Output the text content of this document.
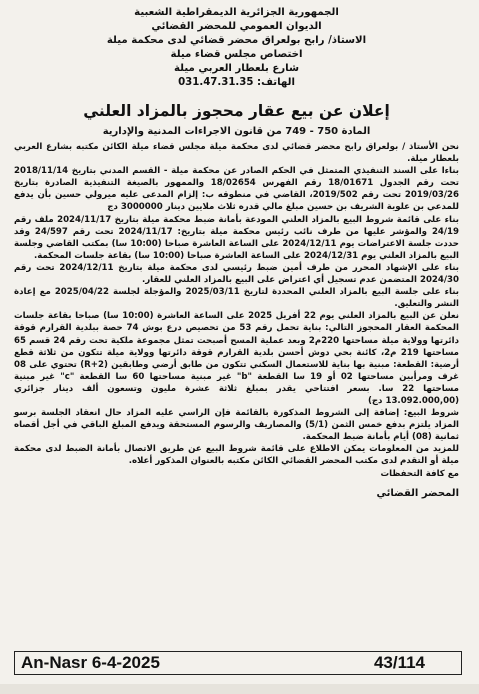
الجمهورية الجزائرية الديمقراطية الشعبية
الديوان العمومي للمحضر القضائي
الاستاذ/ رابح بولعراق محضر قضائي لدى محكمة ميلة
اختصاص مجلس قضاء ميلة
شارع بلعطار العربي ميلة
الهاتف: 031.47.31.35
إعلان عن بيع عقار محجوز بالمزاد العلني
المادة 750 - 749 من قانون الاجراءات المدنية والإدارية

نحن الأستاذ / بولعراق رابح محضر قضائي لدى محكمة ميلة مجلس قضاء ميلة الكائن مكتبه بشارع العربي بلعطار ميلة.

بناءا على السند التنفيذي المتمثل في الحكم الصادر عن محكمة ميلة - القسم المدني بتاريخ 2018/11/14 تحت رقم الجدول 18/01671 رقم الفهرس 18/02654 والممهور بالصيغة التنفيذية الصادرة بتاريخ 2019/03/26 تحت رقم 2019/502، القاضي في منطوقه ب: إلزام المدعى عليه ميرولي حسين بأن يدفع للمدعي بن علوية الشريف بن حسين مبلغ مالي قدره ثلاث ملايين دينار 3000000 دج

بناء على قائمة شروط البيع بالمزاد العلني المودعة بأمانة ضبط محكمة ميلة بتاريخ 2024/11/17 ملف رقم 24/19 والمؤشر عليها من طرف نائب رئيس محكمة ميلة بتاريخ: 2024/11/17 تحت رقم 24/597 وقد حددت جلسة الاعتراضات يوم 2024/12/11 على الساعة العاشرة صباحا (10:00 سا) بمكتب القاضي وجلسة البيع بالمزاد العلني يوم 2024/12/31 على الساعة العاشرة صباحا (10:00 سا) بقاعة جلسات المحكمة.

بناء على الإشهاد المحرر من طرف أمين ضبط رئيسي لدى محكمة ميلة بتاريخ 2024/12/11 تحت رقم 2024/30 المتضمن عدم تسجيل أي اعتراض على البيع بالمزاد العلني للعقار.

بناء على جلسة البيع بالمزاد العلني المحددة لتاريخ 2025/03/11 والمؤجلة لجلسة 2025/04/22 مع إعادة النشر والتعليق.

نعلن عن البيع بالمزاد العلني يوم 22 أفريل 2025 على الساعة العاشرة (10:00 سا) صباحا بقاعة جلسات المحكمة العقار المحجوز التالي: بناية تحمل رقم 53 من تحصيص درع بوش 74 حصة ببلدية القرارم قوقة دائرتها وولاية ميلة مساحتها 220م2 وبعد عملية المسح أصبحت تمثل مجموعة ملكية تحت رقم 24 قسم 65 مساحتها 219 م2، كائنة بحي دوش أحسن بلدية القرارم قوقة دائرتها وولاية ميلة تتكون من ثلاثة قطع أرضية: القطعة: مبنية بها بناية للاستعمال السكني تتكون من طابق أرضي وطابقين (R+2) تحتوي على 08 غرف ومرأبين مساحتها 02 أو 19 سا القطعة "b" غير مبنية مساحتها 60 سا القطعة "c" غير مبنية مساحتها 22 سا. بسعر افتتاحي يقدر بمبلغ ثلاثة عشرة مليون وتسعون ألف دينار جزائري (13.092.000,00 دج)

شروط البيع: إضافة إلى الشروط المذكورة بالقائمة فإن الراسي عليه المزاد حال انعقاد الجلسة برسو المزاد يلتزم بدفع خمس الثمن (5/1) والمصاريف والرسوم المستحقة ويدفع المبلغ الباقي في أجل أقصاه ثمانية (08) أيام بأمانة ضبط المحكمة.

للمزيد من المعلومات يمكن الاطلاع على قائمة شروط البيع عن طريق الاتصال بأمانة الضبط لدى محكمة ميلة أو التقدم لدى مكتب المحضر القضائي الكائن مكتبه بالعنوان المذكور أعلاه.

مع كافة التحفظات

المحضر القضائي
An-Nasr 6-4-2025	43/114
